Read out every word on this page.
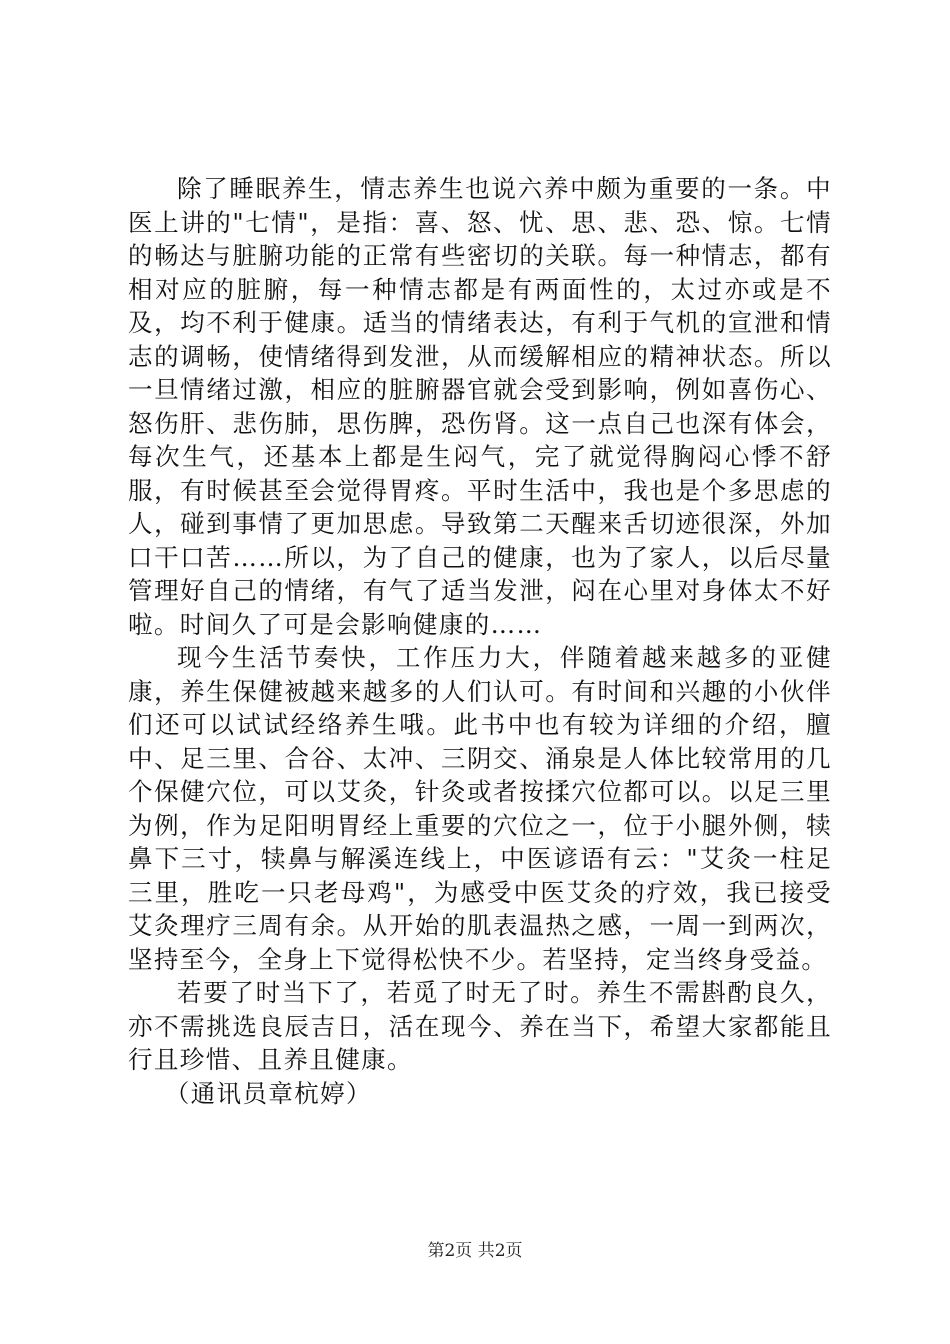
除了睡眠养生，情志养生也说六养中颇为重要的一条。中医上讲的"七情"，是指：喜、怒、忧、思、悲、恐、惊。七情的畅达与脏腑功能的正常有些密切的关联。每一种情志，都有相对应的脏腑，每一种情志都是有两面性的，太过亦或是不及，均不利于健康。适当的情绪表达，有利于气机的宣泄和情志的调畅，使情绪得到发泄，从而缓解相应的精神状态。所以一旦情绪过激，相应的脏腑器官就会受到影响，例如喜伤心、怒伤肝、悲伤肺，思伤脾，恐伤肾。这一点自己也深有体会，每次生气，还基本上都是生闷气，完了就觉得胸闷心悸不舒服，有时候甚至会觉得胃疼。平时生活中，我也是个多思虑的人，碰到事情了更加思虑。导致第二天醒来舌切迹很深，外加口干口苦……所以，为了自己的健康，也为了家人，以后尽量管理好自己的情绪，有气了适当发泄，闷在心里对身体太不好啦。时间久了可是会影响健康的……

现今生活节奏快，工作压力大，伴随着越来越多的亚健康，养生保健被越来越多的人们认可。有时间和兴趣的小伙伴们还可以试试经络养生哦。此书中也有较为详细的介绍，膻中、足三里、合谷、太冲、三阴交、涌泉是人体比较常用的几个保健穴位，可以艾灸，针灸或者按揉穴位都可以。以足三里为例，作为足阳明胃经上重要的穴位之一，位于小腿外侧，犊鼻下三寸，犊鼻与解溪连线上，中医谚语有云："艾灸一柱足三里，胜吃一只老母鸡"，为感受中医艾灸的疗效，我已接受艾灸理疗三周有余。从开始的肌表温热之感，一周一到两次，坚持至今，全身上下觉得松快不少。若坚持，定当终身受益。

若要了时当下了，若觅了时无了时。养生不需斟酌良久，亦不需挑选良辰吉日，活在现今、养在当下，希望大家都能且行且珍惜、且养且健康。

（通讯员章杭婷）

第2页 共2页
